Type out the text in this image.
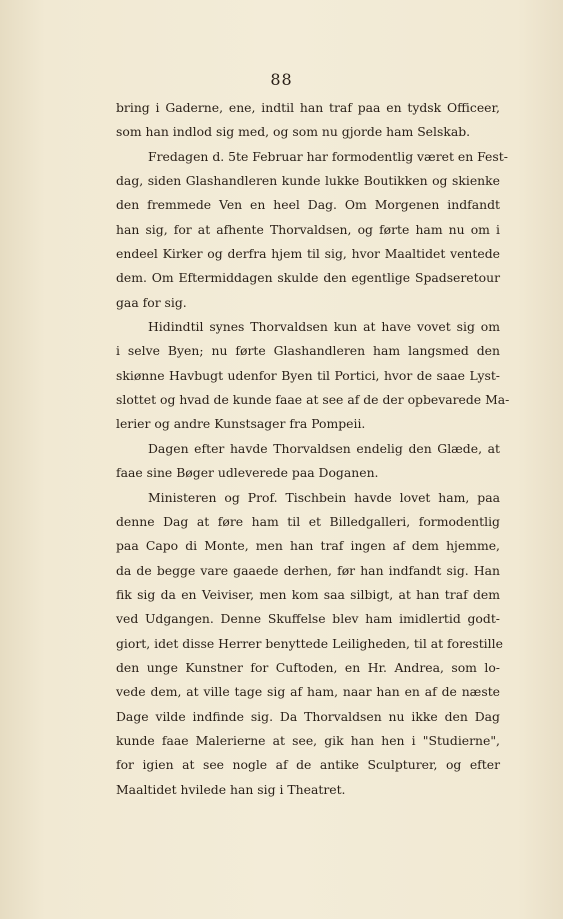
88

bring i Gaderne, ene, indtil han traf paa en tydsk Officeer,
som han indlod sig med, og som nu gjorde ham Selskab.

Fredagen d. 5te Februar har formodentlig været en Fest-
dag, siden Glashandleren kunde lukke Boutikken og skienke
den fremmede Ven en heel Dag. Om Morgenen indfandt
han sig, for at afhente Thorvaldsen, og førte ham nu om i
endeel Kirker og derfra hjem til sig, hvor Maaltidet ventede
dem. Om Eftermiddagen skulde den egentlige Spadseretour
gaa for sig.

Hidindtil synes Thorvaldsen kun at have vovet sig om
i selve Byen; nu førte Glashandleren ham langsmed den
skiønne Havbugt udenfor Byen til Portici, hvor de saae Lyst-
slottet og hvad de kunde faae at see af de der opbevarede Ma-
lerier og andre Kunstsager fra Pompeii.

Dagen efter havde Thorvaldsen endelig den Glæde, at
faae sine Bøger udleverede paa Doganen.

Ministeren og Prof. Tischbein havde lovet ham, paa
denne Dag at føre ham til et Billedgalleri, formodentlig
paa Capo di Monte, men han traf ingen af dem hjemme,
da de begge vare gaaede derhen, før han indfandt sig. Han
fik sig da en Veiviser, men kom saa silbigt, at han traf dem
ved Udgangen. Denne Skuffelse blev ham imidlertid godt-
giort, idet disse Herrer benyttede Leiligheden, til at forestille
den unge Kunstner for Cuftoden, en Hr. Andrea, som lo-
vede dem, at ville tage sig af ham, naar han en af de næste
Dage vilde indfinde sig. Da Thorvaldsen nu ikke den Dag
kunde faae Malerierne at see, gik han hen i "Studierne",
for igien at see nogle af de antike Sculpturer, og efter
Maaltidet hvilede han sig i Theatret.
